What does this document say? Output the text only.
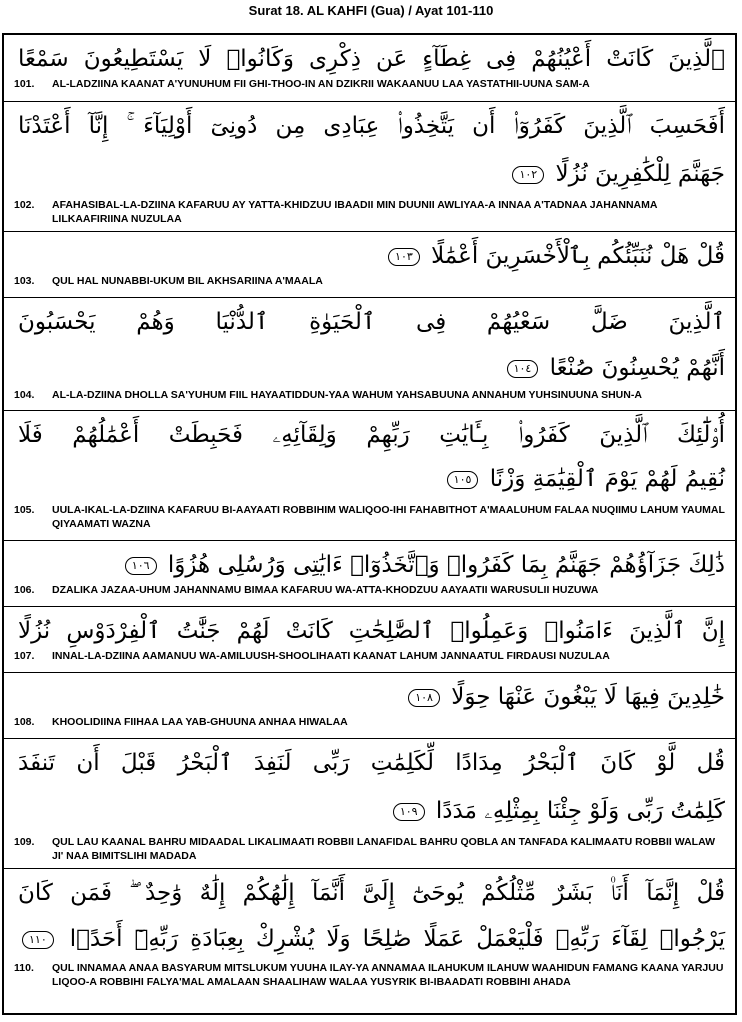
Surat 18. AL KAHFI (Gua) / Ayat 101-110
ٱلَّذِينَ كَانَتْ أَعْيُنُهُمْ فِى غِطَآءٍ عَن ذِكْرِى وَكَانُوا۟ لَا يَسْتَطِيعُونَ سَمْعًا
101.	AL-LADZIINA KAANAT A'YUNUHUM FII GHI-THOO-IN AN DZIKRII WAKAANUU LAA YASTATHII-UUNA SAM-A
أَفَحَسِبَ ٱلَّذِينَ كَفَرُوٓا۟ أَن يَتَّخِذُوا۟ عِبَادِى مِن دُونِىٓ أَوْلِيَآءَ ۚ إِنَّآ أَعْتَدْنَا
جَهَنَّمَ لِلْكَٰفِرِينَ نُزُلًا ١٠٢
102.	AFAHASIBAL-LA-DZIINA KAFARUU AY YATTA-KHIDZUU IBAADII MIN DUUNII AWLIYAA-A INNAA A'TADNAA JAHANNAMA LILKAAFIRIINA NUZULAA
قُلْ هَلْ نُنَبِّئُكُم بِٱلْأَخْسَرِينَ أَعْمَٰلًا ١٠٣
103.	QUL HAL NUNABBI-UKUM BIL AKHSARIINA A'MAALA
ٱلَّذِينَ ضَلَّ سَعْيُهُمْ فِى ٱلْحَيَوٰةِ ٱلدُّنْيَا وَهُمْ يَحْسَبُونَ
أَنَّهُمْ يُحْسِنُونَ صُنْعًا ١٠٤
104.	AL-LA-DZIINA DHOLLA SA'YUHUM FIIL HAYAATIDDUN-YAA WAHUM YAHSABUUNA ANNAHUM YUHSINUUNA SHUN-A
أُو۟لَٰٓئِكَ ٱلَّذِينَ كَفَرُوا۟ بِـَٔايَٰتِ رَبِّهِمْ وَلِقَآئِهِۦ فَحَبِطَتْ أَعْمَٰلُهُمْ فَلَا
نُقِيمُ لَهُمْ يَوْمَ ٱلْقِيَٰمَةِ وَزْنًا ١٠٥
105.	UULA-IKAL-LA-DZIINA KAFARUU BI-AAYAATI ROBBIHIM WALIQOO-IHI FAHABITHOT A'MAALUHUM FALAA NUQIIMU LAHUM YAUMAL QIYAAMATI WAZNA
ذَٰلِكَ جَزَآؤُهُمْ جَهَنَّمُ بِمَا كَفَرُوا۟ وَٱتَّخَذُوٓا۟ ءَايَٰتِى وَرُسُلِى هُزُوًا ١٠٦
106.	DZALIKA JAZAA-UHUM JAHANNAMU BIMAA KAFARUU WA-ATTA-KHODZUU AAYAATII WARUSULII HUZUWA
إِنَّ ٱلَّذِينَ ءَامَنُوا۟ وَعَمِلُوا۟ ٱلصَّٰلِحَٰتِ كَانَتْ لَهُمْ جَنَّٰتُ ٱلْفِرْدَوْسِ نُزُلًا
107.	INNAL-LA-DZIINA AAMANUU WA-AMILUUSH-SHOOLIHAATI KAANAT LAHUM JANNAATUL FIRDAUSI NUZULAA
خَٰلِدِينَ فِيهَا لَا يَبْغُونَ عَنْهَا حِوَلًا ١٠٨
108.	KHOOLIDIINA FIIHAA LAA YAB-GHUUNA ANHAA HIWALAA
قُل لَّوْ كَانَ ٱلْبَحْرُ مِدَادًا لِّكَلِمَٰتِ رَبِّى لَنَفِدَ ٱلْبَحْرُ قَبْلَ أَن تَنفَدَ
كَلِمَٰتُ رَبِّى وَلَوْ جِئْنَا بِمِثْلِهِۦ مَدَدًا ١٠٩
109.	QUL LAU KAANAL BAHRU MIDAADAL LIKALIMAATI ROBBII LANAFIDAL BAHRU QOBLA AN TANFADA KALIMAATU ROBBII WALAW JI' NAA BIMITSLIHI MADADA
قُلْ إِنَّمَآ أَنَا۠ بَشَرٌ مِّثْلُكُمْ يُوحَىٰٓ إِلَىَّ أَنَّمَآ إِلَٰهُكُمْ إِلَٰهٌ وَٰحِدٌ ۖ فَمَن كَانَ
يَرْجُوا۟ لِقَآءَ رَبِّهِۦ فَلْيَعْمَلْ عَمَلًا صَٰلِحًا وَلَا يُشْرِكْ بِعِبَادَةِ رَبِّهِۦٓ أَحَدًۢا ١١٠
110.	QUL INNAMAA ANAA BASYARUM MITSLUKUM YUUHA ILAY-YA ANNAMAA ILAHUKUM ILAHUW WAAHIDUN FAMANG KAANA YARJUU LIQOO-A ROBBIHI FALYA'MAL AMALAAN SHAALIHAW WALAA YUSYRIK BI-IBAADATI ROBBIHI AHADA
